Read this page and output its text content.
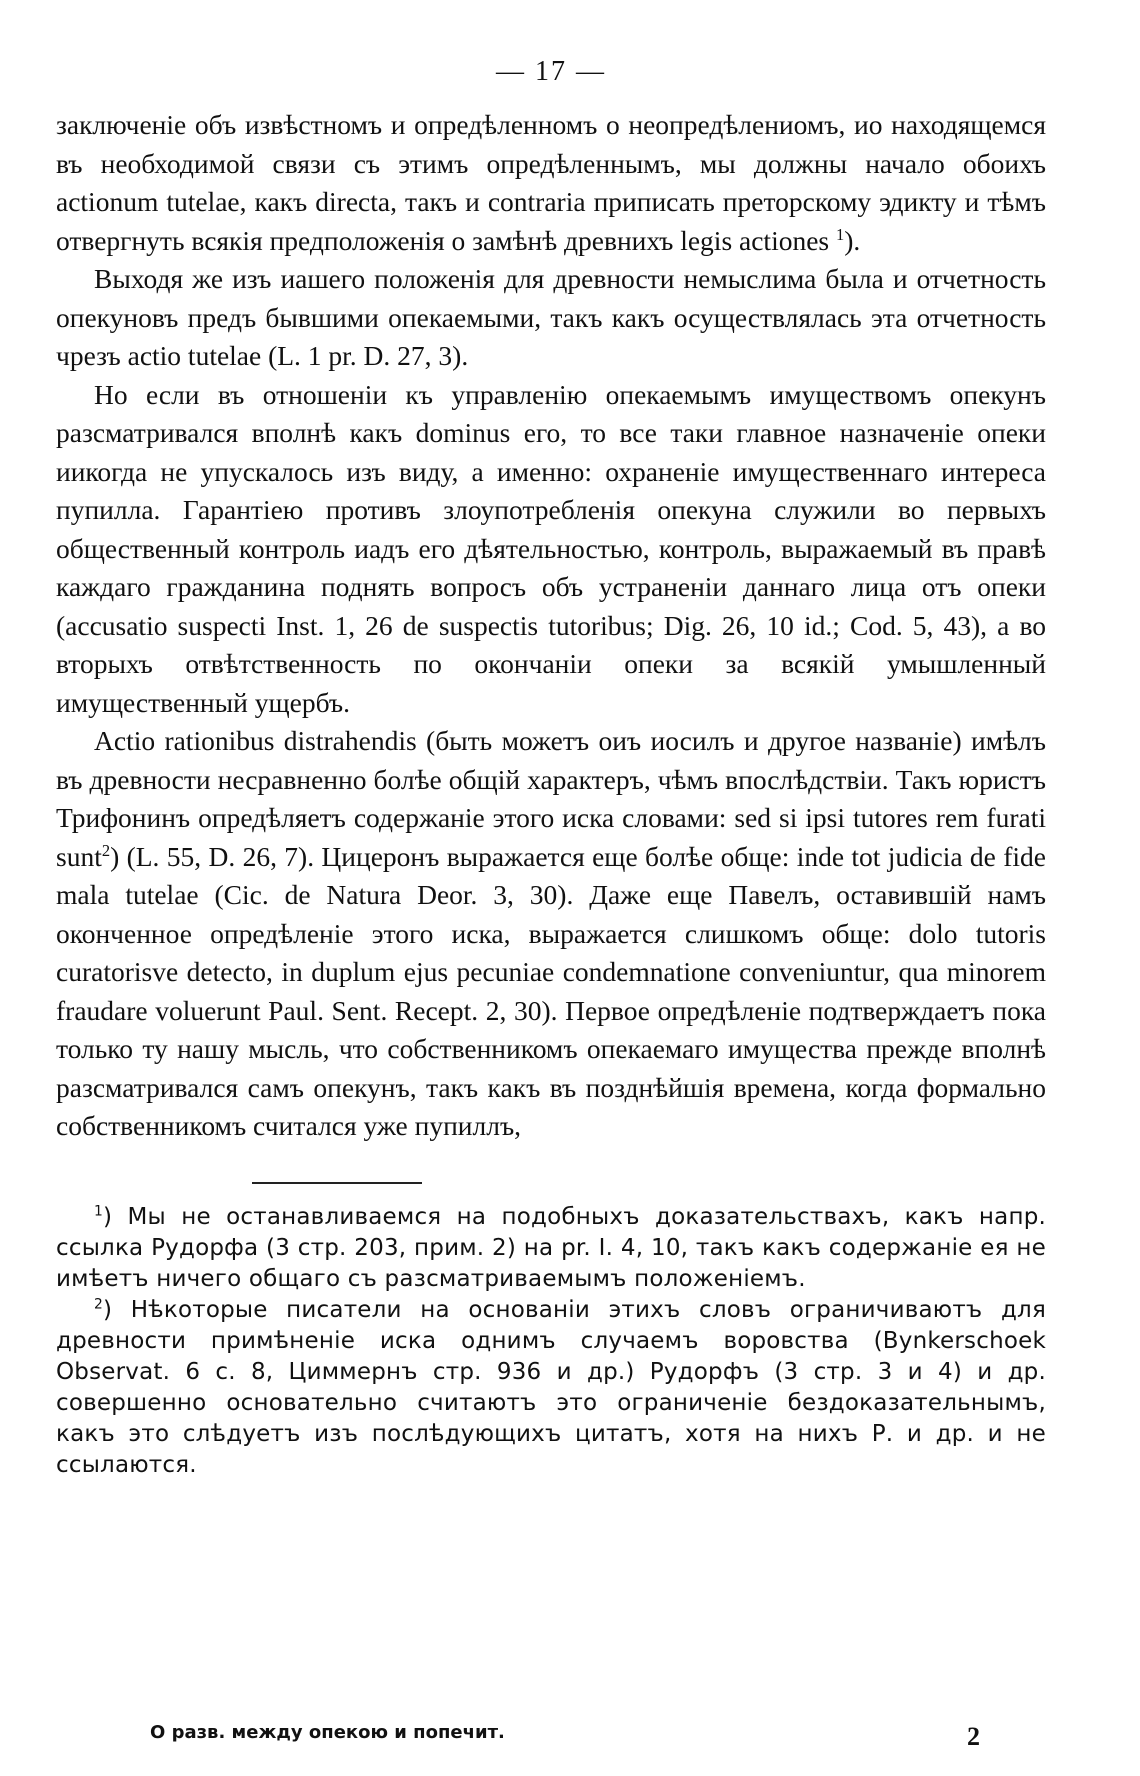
— 17 —

заключеніе объ извѣстномъ и опредѣленномъ о неопредѣлениомъ, ио находящемся въ необходимой связи съ этимъ опредѣленнымъ, мы должны начало обоихъ actionum tutelae, какъ directa, такъ и contraria приписать преторскому эдикту и тѣмъ отвергнуть всякія предположенія о замѣнѣ древнихъ legis actiones $^1$).

Выходя же изъ иашего положенія для древности немыслима была и отчетность опекуновъ предъ бывшими опекаемыми, такъ какъ осуществлялась эта отчетность чрезъ actio tutelae (L. 1 pr. D. 27, 3).

Но если въ отношеніи къ управленію опекаемымъ имуществомъ опекунъ разсматривался вполнѣ какъ dominus его, то все таки главное назначеніе опеки иикогда не упускалось изъ виду, а именно: охраненіе имущественнаго интереса пупилла. Гарантіею противъ злоупотребленія опекуна служили во первыхъ общественный контроль иадъ его дѣятельностью, контроль, выражаемый въ правѣ каждаго гражданина поднять вопросъ объ устраненіи даннаго лица отъ опеки (accusatio suspecti Inst. 1, 26 de suspectis tutoribus; Dig. 26, 10 id.; Cod. 5, 43), а во вторыхъ отвѣтственность по окончаніи опеки за всякій умышленный имущественный ущербъ.

Actio rationibus distrahendis (быть можетъ оиъ иосилъ и другое названіе) имѣлъ въ древности несравненно болѣе общій характеръ, чѣмъ впослѣдствіи. Такъ юристъ Трифонинъ опредѣляетъ содержаніе этого иска словами: sed si ipsi tutores rem furati sunt$^2$) (L. 55, D. 26, 7). Цицеронъ выражается еще болѣе обще: inde tot judicia de fide mala tutelae (Cic. de Natura Deor. 3, 30). Даже еще Павелъ, оставившій намъ оконченное опредѣленіе этого иска, выражается слишкомъ обще: dolo tutoris curatorisve detecto, in duplum ejus pecuniae condemnatione conveniuntur, qua minorem fraudare voluerunt Paul. Sent. Recept. 2, 30). Первое опредѣленіе подтверждаетъ пока только ту нашу мысль, что собственникомъ опекаемаго имущества прежде вполнѣ разсматривался самъ опекунъ, такъ какъ въ позднѣйшія времена, когда формально собственникомъ считался уже пупиллъ,

$^1$) Мы не останавливаемся на подобныхъ доказательствахъ, какъ напр. ссылка Рудорфа (3 стр. 203, прим. 2) на pr. I. 4, 10, такъ какъ содержаніе ея не имѣетъ ничего общаго съ разсматриваемымъ положеніемъ.

$^2$) Нѣкоторые писатели на основаніи этихъ словъ ограничиваютъ для древности примѣненіе иска однимъ случаемъ воровства (Bynkerschoek Observat. 6 c. 8, Циммернъ стр. 936 и др.) Рудорфъ (3 стр. 3 и 4) и др. совершенно основательно считаютъ это ограниченіе бездоказательнымъ, какъ это слѣдуетъ изъ послѣдующихъ цитатъ, хотя на нихъ Р. и др. и не ссылаются.

О разв. между опекою и попечит.	2
